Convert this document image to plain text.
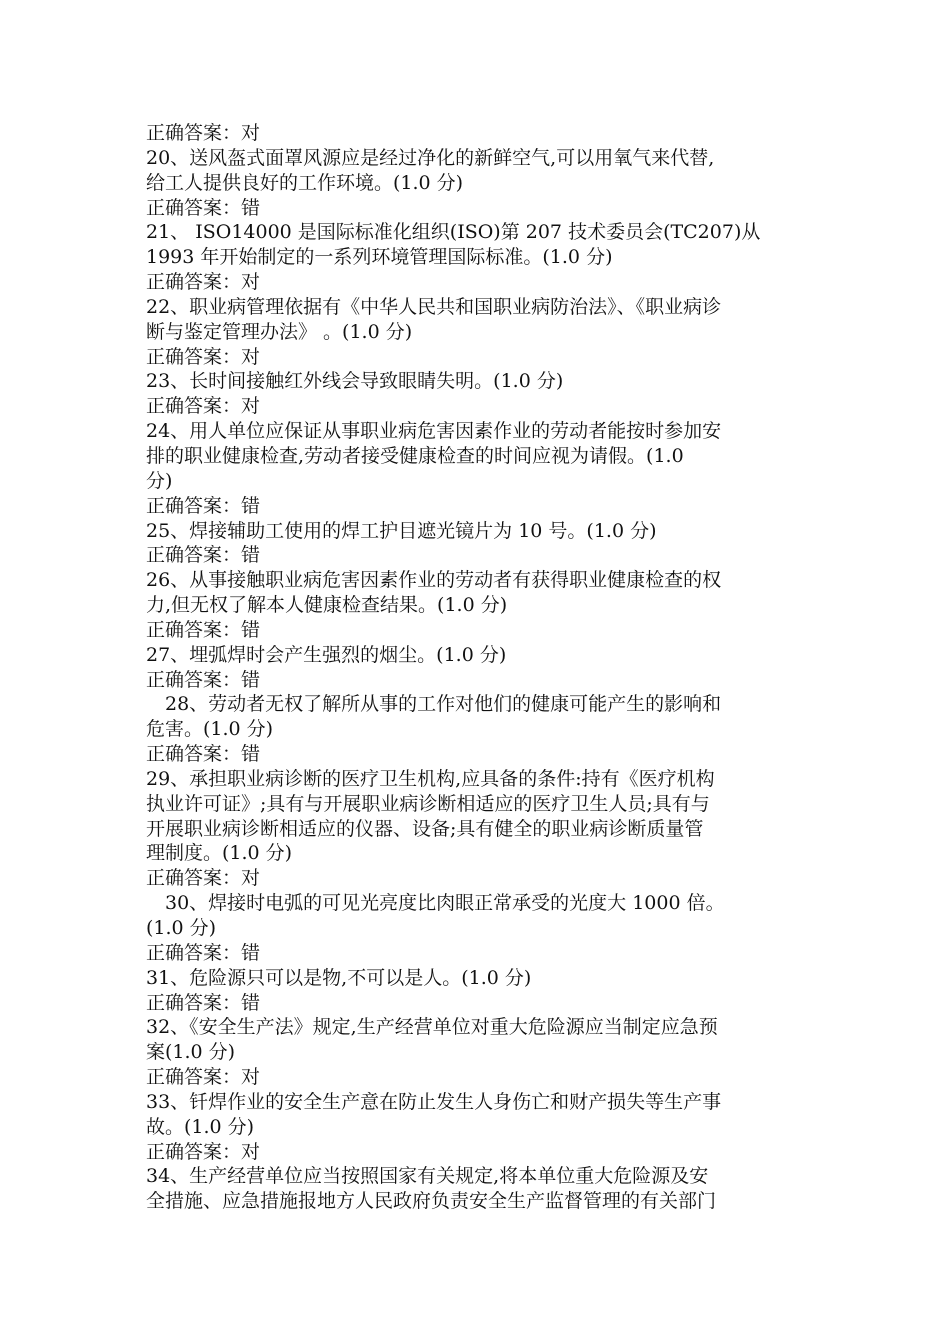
正确答案：对
20、送风盔式面罩风源应是经过净化的新鲜空气,可以用氧气来代替,
给工人提供良好的工作环境。(1.0 分)
正确答案：错
21、 ISO14000 是国际标准化组织(ISO)第 207 技术委员会(TC207)从
1993 年开始制定的一系列环境管理国际标准。(1.0 分)
正确答案：对
22、职业病管理依据有《中华人民共和国职业病防治法》、《职业病诊
断与鉴定管理办法》 。(1.0 分)
正确答案：对
23、长时间接触红外线会导致眼睛失明。(1.0 分)
正确答案：对
24、用人单位应保证从事职业病危害因素作业的劳动者能按时参加安
排的职业健康检查,劳动者接受健康检查的时间应视为请假。(1.0
分)
正确答案：错
25、焊接辅助工使用的焊工护目遮光镜片为 10 号。(1.0 分)
正确答案：错
26、从事接触职业病危害因素作业的劳动者有获得职业健康检查的权
力,但无权了解本人健康检查结果。(1.0 分)
正确答案：错
27、埋弧焊时会产生强烈的烟尘。(1.0 分)
正确答案：错
28、劳动者无权了解所从事的工作对他们的健康可能产生的影响和
危害。(1.0 分)
正确答案：错
29、承担职业病诊断的医疗卫生机构,应具备的条件:持有《医疗机构
执业许可证》;具有与开展职业病诊断相适应的医疗卫生人员;具有与
开展职业病诊断相适应的仪器、设备;具有健全的职业病诊断质量管
理制度。(1.0 分)
正确答案：对
30、焊接时电弧的可见光亮度比肉眼正常承受的光度大 1000 倍。
(1.0 分)
正确答案：错
31、危险源只可以是物,不可以是人。(1.0 分)
正确答案：错
32、《安全生产法》规定,生产经营单位对重大危险源应当制定应急预
案(1.0 分)
正确答案：对
33、钎焊作业的安全生产意在防止发生人身伤亡和财产损失等生产事
故。(1.0 分)
正确答案：对
34、生产经营单位应当按照国家有关规定,将本单位重大危险源及安
全措施、应急措施报地方人民政府负责安全生产监督管理的有关部门
